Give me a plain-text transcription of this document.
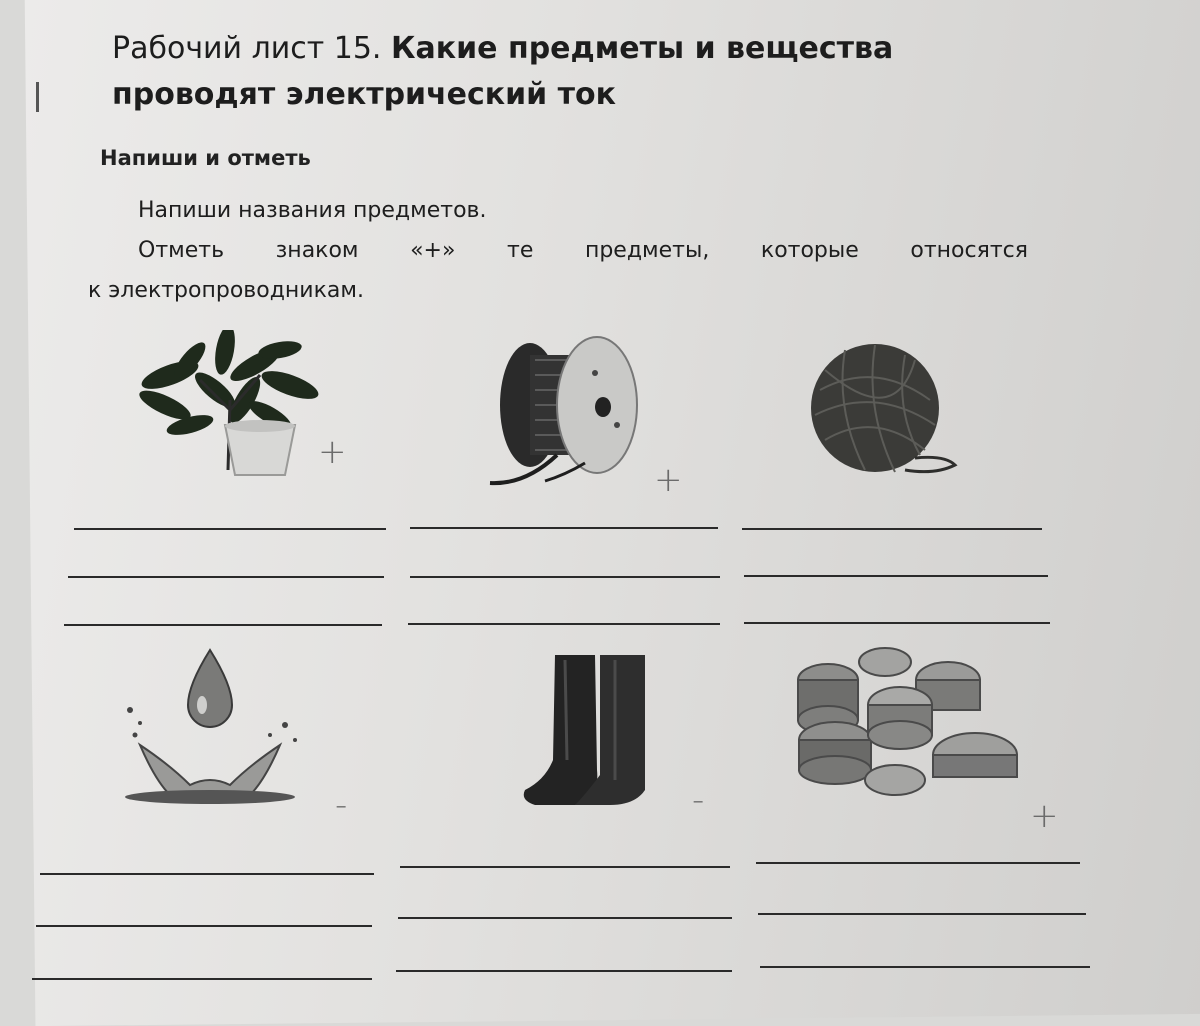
Рабочий лист 15. Какие предметы и вещества проводят электрический ток
Напиши и отметь
Напиши названия предметов.
Отметь знаком «+» те предметы, которые относятся
к электропроводникам.
+
+
-	-	+
